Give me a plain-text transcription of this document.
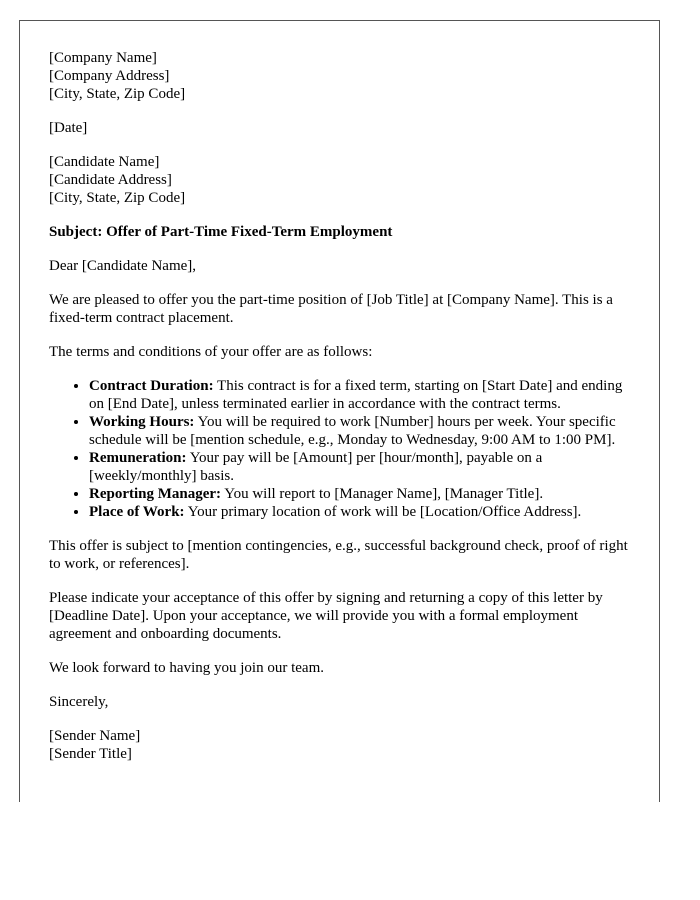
[Company Name]
[Company Address]
[City, State, Zip Code]
[Date]
[Candidate Name]
[Candidate Address]
[City, State, Zip Code]
Subject: Offer of Part-Time Fixed-Term Employment
Dear [Candidate Name],
We are pleased to offer you the part-time position of [Job Title] at [Company Name]. This is a fixed-term contract placement.
The terms and conditions of your offer are as follows:
• Contract Duration: This contract is for a fixed term, starting on [Start Date] and ending on [End Date], unless terminated earlier in accordance with the contract terms.
• Working Hours: You will be required to work [Number] hours per week. Your specific schedule will be [mention schedule, e.g., Monday to Wednesday, 9:00 AM to 1:00 PM].
• Remuneration: Your pay will be [Amount] per [hour/month], payable on a [weekly/monthly] basis.
• Reporting Manager: You will report to [Manager Name], [Manager Title].
• Place of Work: Your primary location of work will be [Location/Office Address].
This offer is subject to [mention contingencies, e.g., successful background check, proof of right to work, or references].
Please indicate your acceptance of this offer by signing and returning a copy of this letter by [Deadline Date]. Upon your acceptance, we will provide you with a formal employment agreement and onboarding documents.
We look forward to having you join our team.
Sincerely,
[Sender Name]
[Sender Title]
